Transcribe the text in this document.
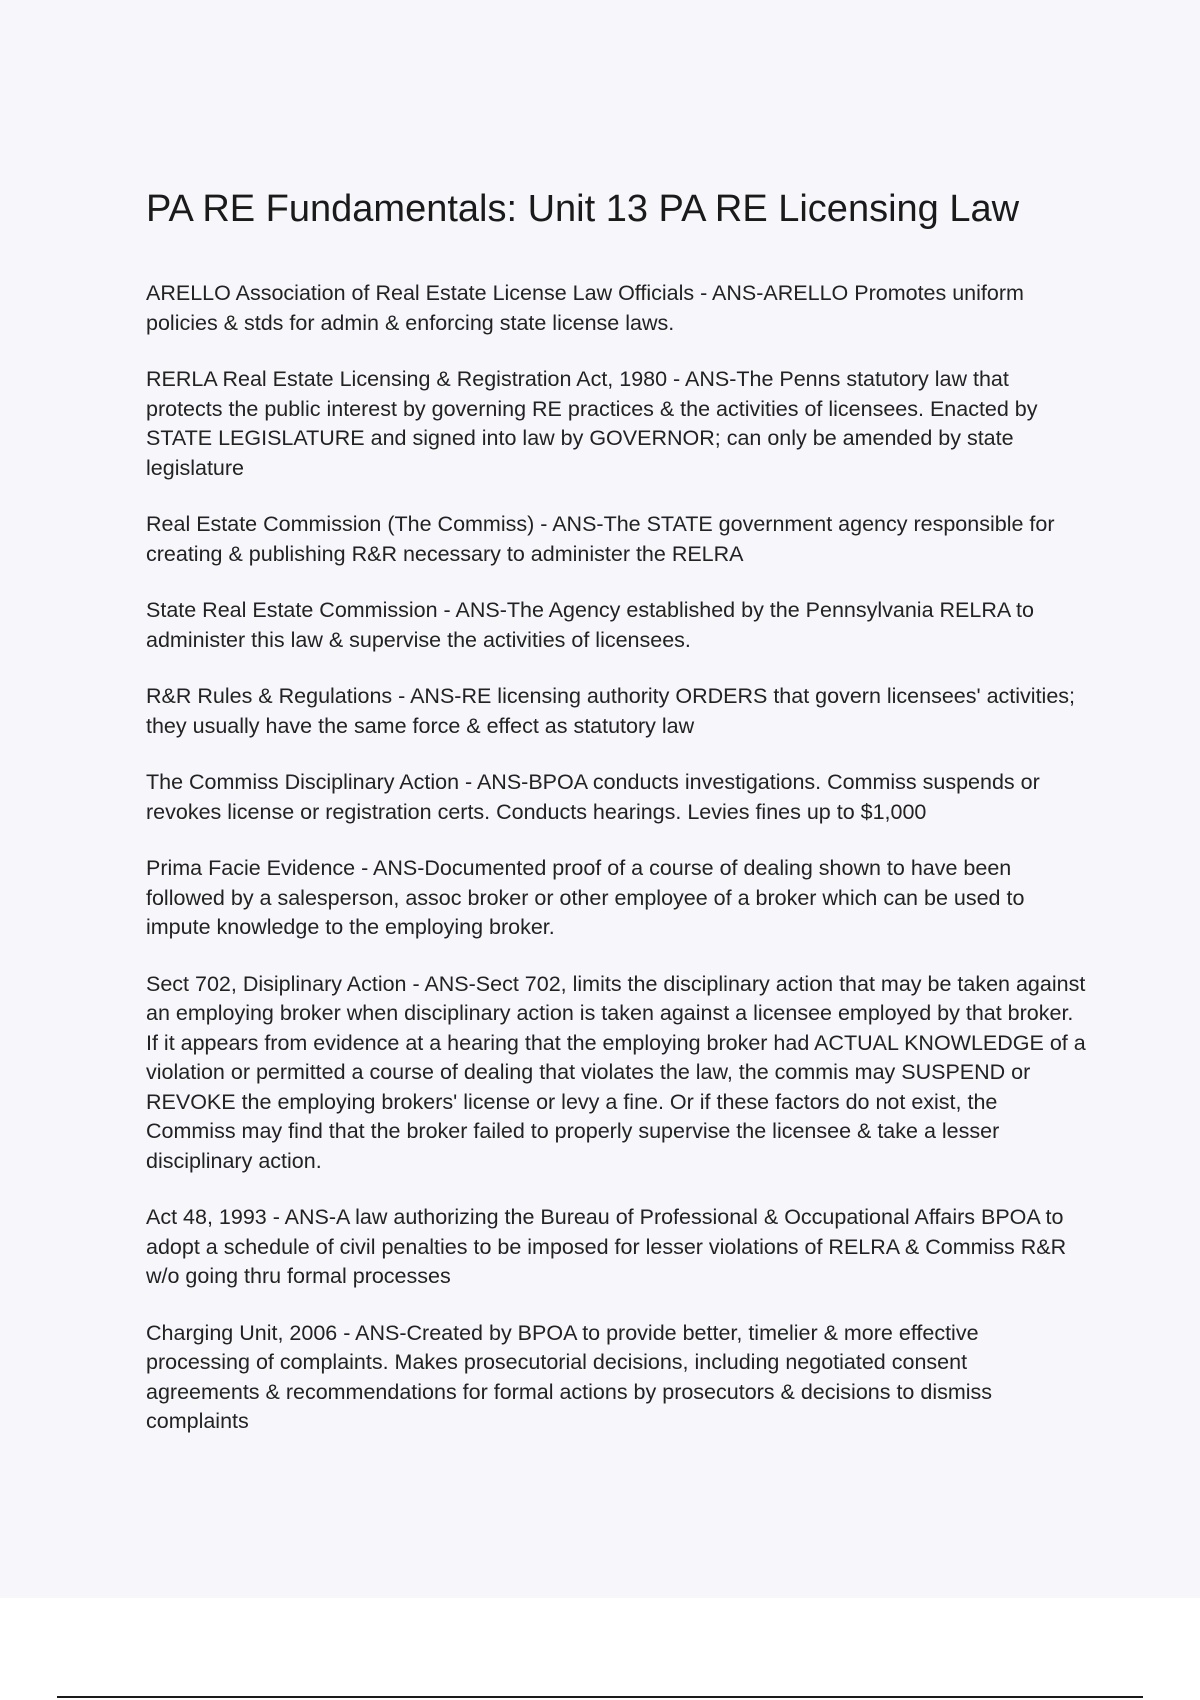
PA RE Fundamentals: Unit 13 PA RE Licensing Law

ARELLO Association of Real Estate License Law Officials - ANS-ARELLO Promotes uniform policies & stds for admin & enforcing state license laws.

RERLA Real Estate Licensing & Registration Act, 1980 - ANS-The Penns statutory law that protects the public interest by governing RE practices & the activities of licensees. Enacted by STATE LEGISLATURE and signed into law by GOVERNOR; can only be amended by state legislature

Real Estate Commission (The Commiss) - ANS-The STATE government agency responsible for creating & publishing R&R necessary to administer the RELRA

State Real Estate Commission - ANS-The Agency established by the Pennsylvania RELRA to administer this law & supervise the activities of licensees.

R&R Rules & Regulations - ANS-RE licensing authority ORDERS that govern licensees' activities; they usually have the same force & effect as statutory law

The Commiss Disciplinary Action - ANS-BPOA conducts investigations. Commiss suspends or revokes license or registration certs. Conducts hearings. Levies fines up to $1,000

Prima Facie Evidence - ANS-Documented proof of a course of dealing shown to have been followed by a salesperson, assoc broker or other employee of a broker which can be used to impute knowledge to the employing broker.

Sect 702, Disiplinary Action - ANS-Sect 702, limits the disciplinary action that may be taken against an employing broker when disciplinary action is taken against a licensee employed by that broker. If it appears from evidence at a hearing that the employing broker had ACTUAL KNOWLEDGE of a violation or permitted a course of dealing that violates the law, the commis may SUSPEND or REVOKE the employing brokers' license or levy a fine. Or if these factors do not exist, the Commiss may find that the broker failed to properly supervise the licensee & take a lesser disciplinary action.

Act 48, 1993 - ANS-A law authorizing the Bureau of Professional & Occupational Affairs BPOA to adopt a schedule of civil penalties to be imposed for lesser violations of RELRA & Commiss R&R w/o going thru formal processes

Charging Unit, 2006 - ANS-Created by BPOA to provide better, timelier & more effective processing of complaints. Makes prosecutorial decisions, including negotiated consent agreements & recommendations for formal actions by prosecutors & decisions to dismiss complaints
